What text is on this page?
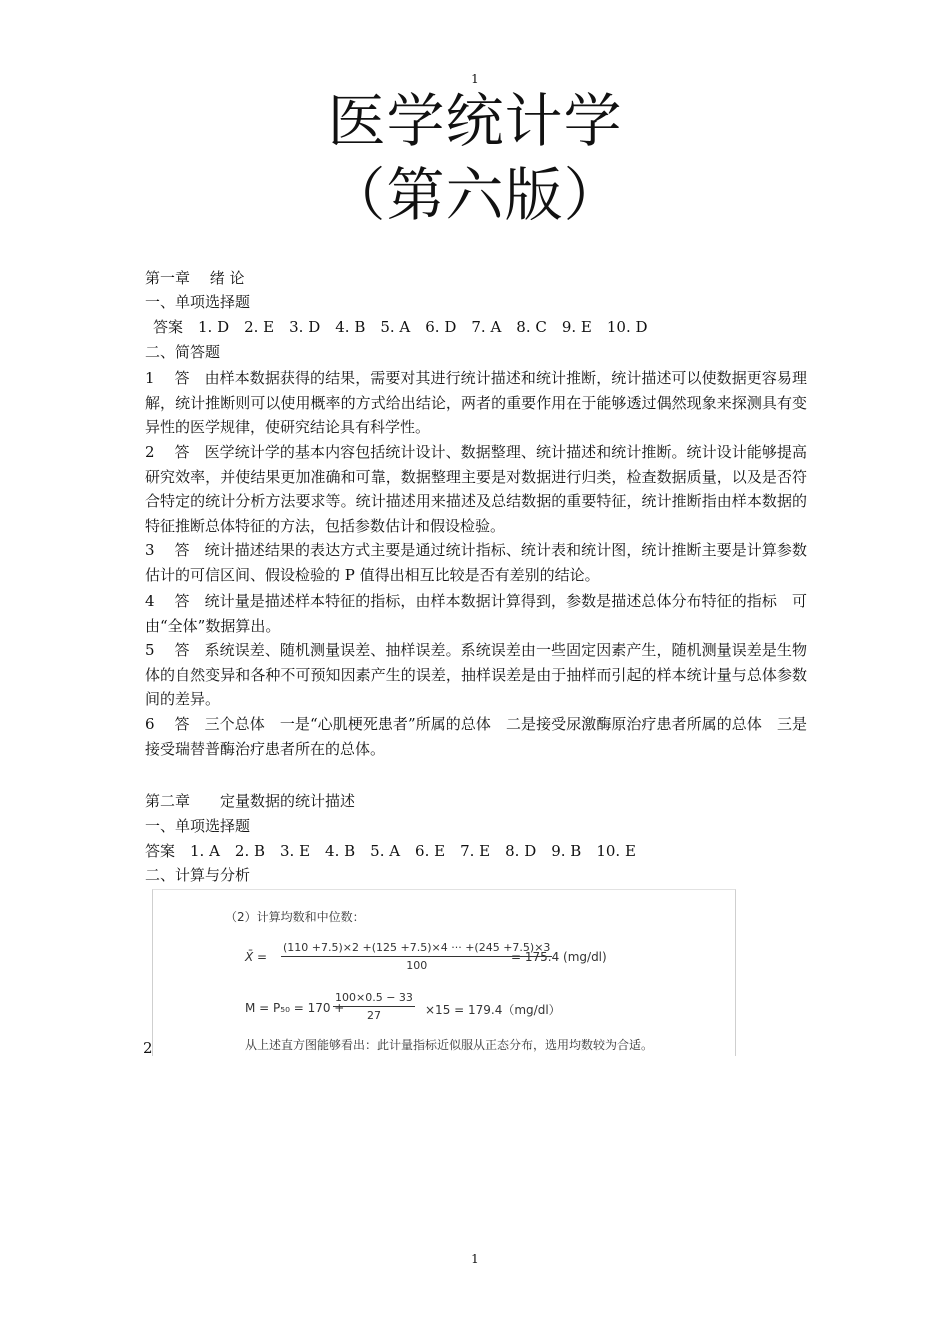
1
医学统计学
（第六版）
第一章　 绪 论
一、单项选择题
答案　1. D　2. E　3. D　4. B　5. A　6. D　7. A　8. C　9. E　10. D
二、简答题
1　 答　由样本数据获得的结果，需要对其进行统计描述和统计推断，统计描述可以使数据更容易理解，统计推断则可以使用概率的方式给出结论，两者的重要作用在于能够透过偶然现象来探测具有变异性的医学规律，使研究结论具有科学性。
2　 答　医学统计学的基本内容包括统计设计、数据整理、统计描述和统计推断。统计设计能够提高研究效率，并使结果更加准确和可靠，数据整理主要是对数据进行归类，检查数据质量，以及是否符合特定的统计分析方法要求等。统计描述用来描述及总结数据的重要特征，统计推断指由样本数据的特征推断总体特征的方法，包括参数估计和假设检验。
3　 答　统计描述结果的表达方式主要是通过统计指标、统计表和统计图，统计推断主要是计算参数估计的可信区间、假设检验的 P 值得出相互比较是否有差别的结论。
4　 答　统计量是描述样本特征的指标，由样本数据计算得到，参数是描述总体分布特征的指标　可由“全体”数据算出。
5　 答　系统误差、随机测量误差、抽样误差。系统误差由一些固定因素产生，随机测量误差是生物体的自然变异和各种不可预知因素产生的误差，抽样误差是由于抽样而引起的样本统计量与总体参数间的差异。
6　 答　三个总体　一是“心肌梗死患者”所属的总体　二是接受尿激酶原治疗患者所属的总体　三是接受瑞替普酶治疗患者所在的总体。
第二章　　定量数据的统计描述
一、单项选择题
答案　1. A　2. B　3. E　4. B　5. A　6. E　7. E　8. D　9. B　10. E
二、计算与分析
（2）计算均数和中位数：
X̄ = $\frac{(110 +7.5)\times 2 +(125 +7.5)\times 4 \cdot\cdot\cdot +(245 +7.5)\times 3}{100}$
= 175.4 (mg/dl)
M = P₅₀ = 170 +
$\frac{100\times 0.5 - 33}{27} \times 15 = 179.4(mg/dl)$
从上述直方图能够看出：此计量指标近似服从正态分布，选用均数较为合适。
2
1
